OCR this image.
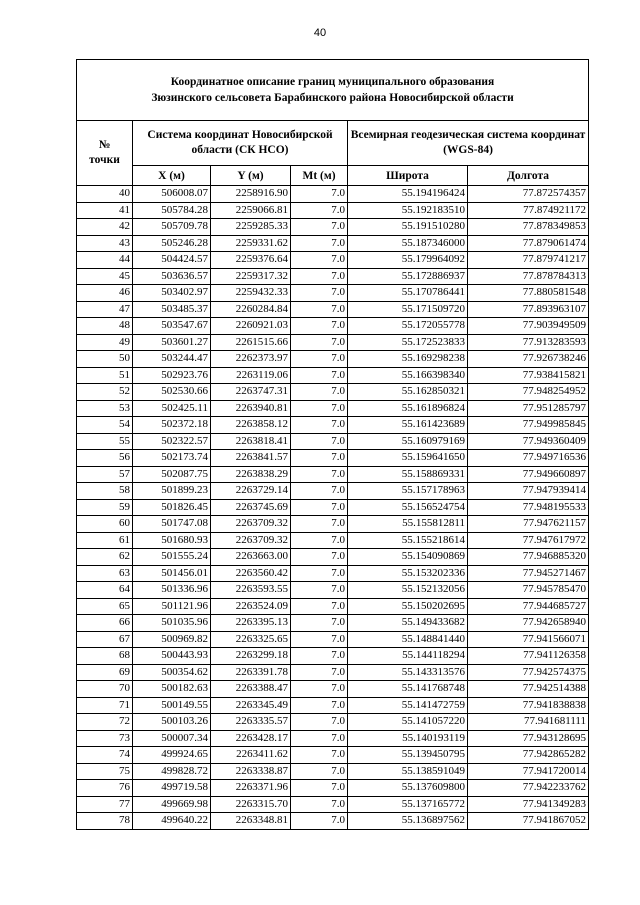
40
Координатное описание границ муниципального образования
Зюзинского сельсовета Барабинского района Новосибирской области					

№
точки	Система координат Новосибирской области (СК НСО)			Всемирная геодезическая система координат (WGS-84)	
	X (м)	Y (м)	Mt (м)	Широта	Долгота
40	506008.07	2258916.90	7.0	55.194196424	77.872574357
41	505784.28	2259066.81	7.0	55.192183510	77.874921172
42	505709.78	2259285.33	7.0	55.191510280	77.878349853
43	505246.28	2259331.62	7.0	55.187346000	77.879061474
44	504424.57	2259376.64	7.0	55.179964092	77.879741217
45	503636.57	2259317.32	7.0	55.172886937	77.878784313
46	503402.97	2259432.33	7.0	55.170786441	77.880581548
47	503485.37	2260284.84	7.0	55.171509720	77.893963107
48	503547.67	2260921.03	7.0	55.172055778	77.903949509
49	503601.27	2261515.66	7.0	55.172523833	77.913283593
50	503244.47	2262373.97	7.0	55.169298238	77.926738246
51	502923.76	2263119.06	7.0	55.166398340	77.938415821
52	502530.66	2263747.31	7.0	55.162850321	77.948254952
53	502425.11	2263940.81	7.0	55.161896824	77.951285797
54	502372.18	2263858.12	7.0	55.161423689	77.949985845
55	502322.57	2263818.41	7.0	55.160979169	77.949360409
56	502173.74	2263841.57	7.0	55.159641650	77.949716536
57	502087.75	2263838.29	7.0	55.158869331	77.949660897
58	501899.23	2263729.14	7.0	55.157178963	77.947939414
59	501826.45	2263745.69	7.0	55.156524754	77.948195533
60	501747.08	2263709.32	7.0	55.155812811	77.947621157
61	501680.93	2263709.32	7.0	55.155218614	77.947617972
62	501555.24	2263663.00	7.0	55.154090869	77.946885320
63	501456.01	2263560.42	7.0	55.153202336	77.945271467
64	501336.96	2263593.55	7.0	55.152132056	77.945785470
65	501121.96	2263524.09	7.0	55.150202695	77.944685727
66	501035.96	2263395.13	7.0	55.149433682	77.942658940
67	500969.82	2263325.65	7.0	55.148841440	77.941566071
68	500443.93	2263299.18	7.0	55.144118294	77.941126358
69	500354.62	2263391.78	7.0	55.143313576	77.942574375
70	500182.63	2263388.47	7.0	55.141768748	77.942514388
71	500149.55	2263345.49	7.0	55.141472759	77.941838838
72	500103.26	2263335.57	7.0	55.141057220	77.941681111
73	500007.34	2263428.17	7.0	55.140193119	77.943128695
74	499924.65	2263411.62	7.0	55.139450795	77.942865282
75	499828.72	2263338.87	7.0	55.138591049	77.941720014
76	499719.58	2263371.96	7.0	55.137609800	77.942233762
77	499669.98	2263315.70	7.0	55.137165772	77.941349283
78	499640.22	2263348.81	7.0	55.136897562	77.941867052
